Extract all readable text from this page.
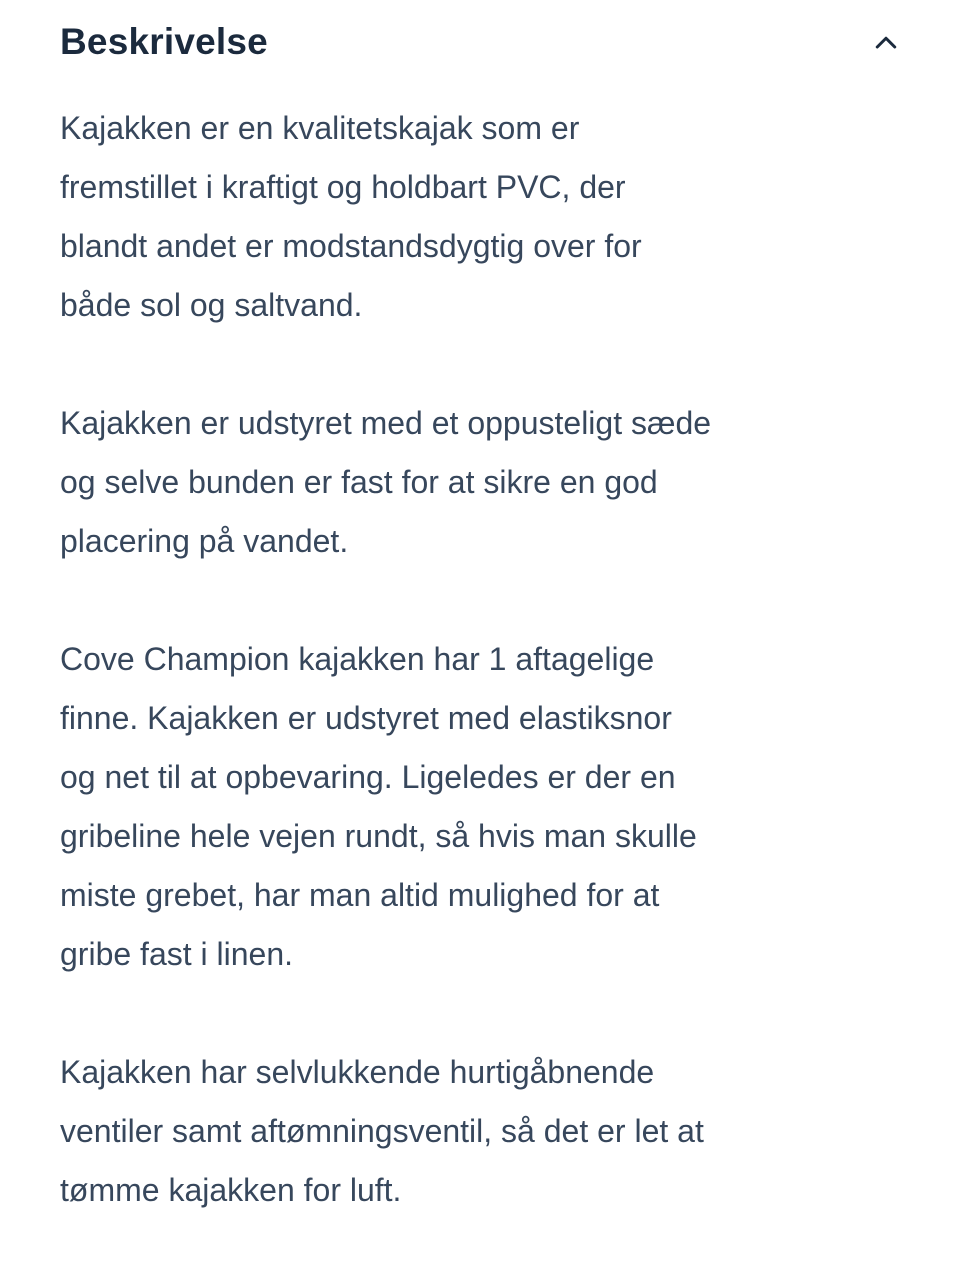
Beskrivelse

Kajakken er en kvalitetskajak som er

fremstillet i kraftigt og holdbart PVC, der

blandt andet er modstandsdygtig over for

både sol og saltvand.

Kajakken er udstyret med et oppusteligt sæde

og selve bunden er fast for at sikre en god

placering på vandet.

Cove Champion kajakken har 1 aftagelige

finne. Kajakken er udstyret med elastiksnor

og net til at opbevaring. Ligeledes er der en

gribeline hele vejen rundt, så hvis man skulle

miste grebet, har man altid mulighed for at

gribe fast i linen.

Kajakken har selvlukkende hurtigåbnende

ventiler samt aftømningsventil, så det er let at

tømme kajakken for luft.
